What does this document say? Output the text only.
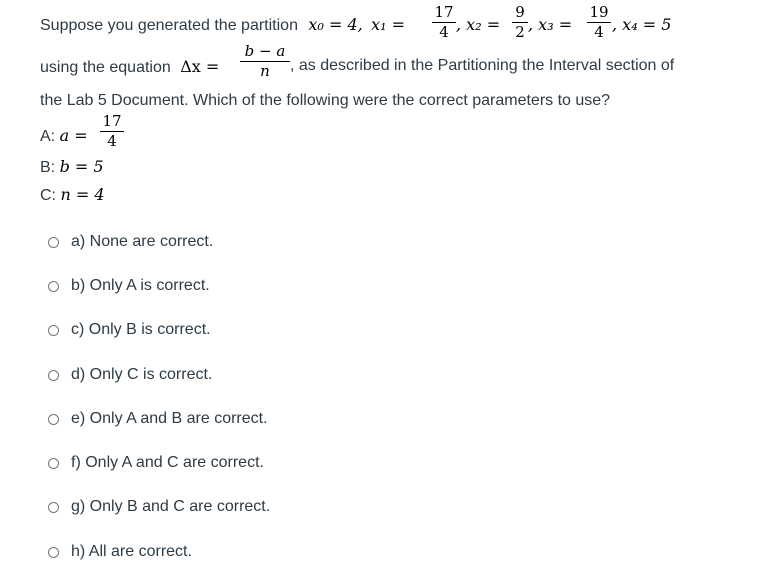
Suppose you generated the partition x₀ = 4, $x_1 = \frac{17}{4}$ , $x_2 = \frac{9}{2}$ , $x_3 = \frac{19}{4}$ , x₄ = 5
using the equation $\Delta x = \frac{b - a}{n}$ , as described in the Partitioning the Interval section of
the Lab 5 Document. Which of the following were the correct parameters to use?
A: $a = \frac{17}{4}$
B: b = 5
C: n = 4
a) None are correct.
b) Only A is correct.
c) Only B is correct.
d) Only C is correct.
e) Only A and B are correct.
f) Only A and C are correct.
g) Only B and C are correct.
h) All are correct.
